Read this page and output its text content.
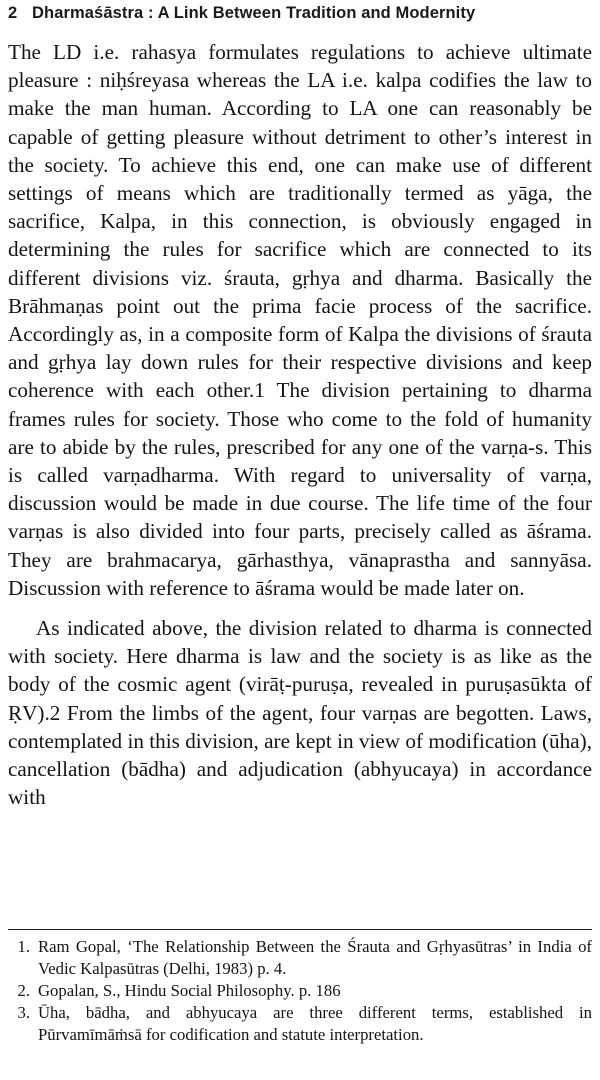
2 Dharmaśāstra : A Link Between Tradition and Modernity

The LD i.e. rahasya formulates regulations to achieve ultimate pleasure : niḥśreyasa whereas the LA i.e. kalpa codifies the law to make the man human. According to LA one can reasonably be capable of getting pleasure without detriment to other’s interest in the society. To achieve this end, one can make use of different settings of means which are traditionally termed as yāga, the sacrifice, Kalpa, in this connection, is obviously engaged in determining the rules for sacrifice which are connected to its different divisions viz. śrauta, gṛhya and dharma. Basically the Brāhmaṇas point out the prima facie process of the sacrifice. Accordingly as, in a composite form of Kalpa the divisions of śrauta and gṛhya lay down rules for their respective divisions and keep coherence with each other.1 The division pertaining to dharma frames rules for society. Those who come to the fold of humanity are to abide by the rules, prescribed for any one of the varṇa-s. This is called varṇadharma. With regard to universality of varṇa, discussion would be made in due course. The life time of the four varṇas is also divided into four parts, precisely called as āśrama. They are brahmacarya, gārhasthya, vānaprastha and sannyāsa. Discussion with reference to āśrama would be made later on.

As indicated above, the division related to dharma is connected with society. Here dharma is law and the society is as like as the body of the cosmic agent (virāṭ-puruṣa, revealed in puruṣasūkta of ṚV).2 From the limbs of the agent, four varṇas are begotten. Laws, contemplated in this division, are kept in view of modification (ūha), cancellation (bādha) and adjudication (abhyucaya) in accordance with

1. Ram Gopal, ‘The Relationship Between the Śrauta and Gṛhyasūtras’ in India of Vedic Kalpasūtras (Delhi, 1983) p. 4.
2. Gopalan, S., Hindu Social Philosophy. p. 186
3. Ūha, bādha, and abhyucaya are three different terms, established in Pūrvamīmāṁsā for codification and statute interpretation.
